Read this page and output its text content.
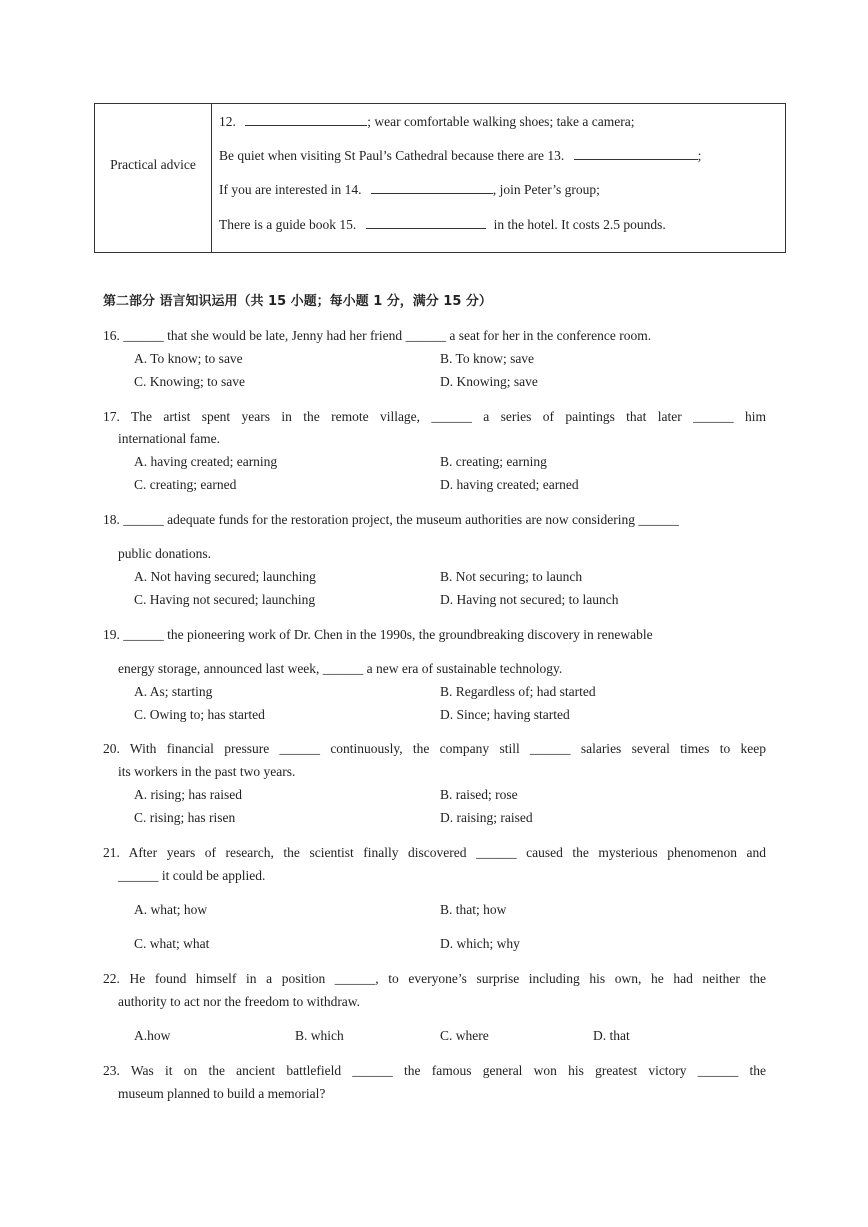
Practical advice
12.	; wear comfortable walking shoes; take a camera;
Be quiet when visiting St Paul’s Cathedral because there are 13.	;
If you are interested in 14.	, join Peter’s group;
There is a guide book 15.	in the hotel. It costs 2.5 pounds.
第二部分 语言知识运用（共 15 小题；每小题 1 分，满分 15 分）
16. ______ that she would be late, Jenny had her friend ______ a seat for her in the conference room.
A. To know; to save	B. To know; save
C. Knowing; to save	D. Knowing; save
17. The artist spent years in the remote village, ______ a series of paintings that later ______ him
international fame.
A. having created; earning	B. creating; earning
C. creating; earned	D. having created; earned
18. ______ adequate funds for the restoration project, the museum authorities are now considering ______
public donations.
A. Not having secured; launching	B. Not securing; to launch
C. Having not secured; launching	D. Having not secured; to launch
19. ______ the pioneering work of Dr. Chen in the 1990s, the groundbreaking discovery in renewable
energy storage, announced last week, ______ a new era of sustainable technology.
A. As; starting	B. Regardless of; had started
C. Owing to; has started	D. Since; having started
20. With financial pressure ______ continuously, the company still ______ salaries several times to keep
its workers in the past two years.
A. rising; has raised	B. raised; rose
C. rising; has risen	D. raising; raised
21. After years of research, the scientist finally discovered ______ caused the mysterious phenomenon and
______ it could be applied.
A. what; how	B. that; how
C. what; what	D. which; why
22. He found himself in a position ______, to everyone’s surprise including his own, he had neither the
authority to act nor the freedom to withdraw.
A.how	B. which	C. where	D. that
23. Was it on the ancient battlefield ______ the famous general won his greatest victory ______ the
museum planned to build a memorial?
